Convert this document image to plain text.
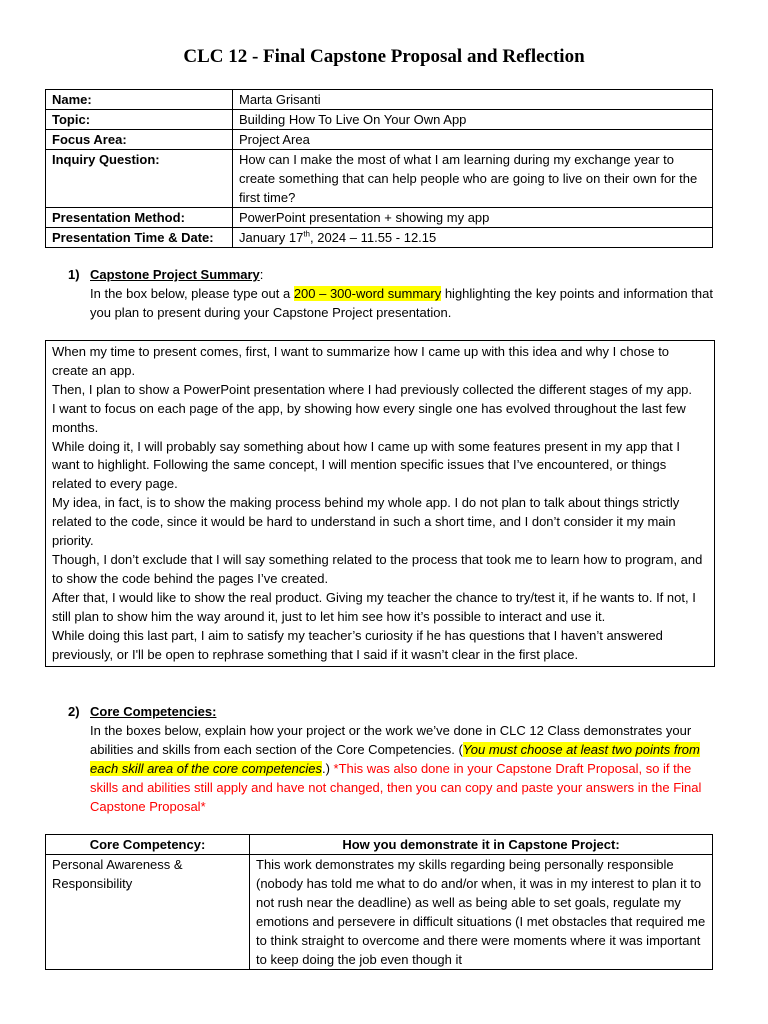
CLC 12 - Final Capstone Proposal and Reflection
Name:	Marta Grisanti
Topic:	Building How To Live On Your Own App
Focus Area:	Project Area
Inquiry Question:	How can I make the most of what I am learning during my exchange year to create something that can help people who are going to live on their own for the first time?
Presentation Method:	PowerPoint presentation + showing my app
Presentation Time & Date:	January 17th, 2024 – 11.55 - 12.15
1) Capstone Project Summary:
In the box below, please type out a 200 – 300-word summary highlighting the key points and information that you plan to present during your Capstone Project presentation.

When my time to present comes, first, I want to summarize how I came up with this idea and why I chose to create an app.

Then, I plan to show a PowerPoint presentation where I had previously collected the different stages of my app.

I want to focus on each page of the app, by showing how every single one has evolved throughout the last few months.

While doing it, I will probably say something about how I came up with some features present in my app that I want to highlight. Following the same concept, I will mention specific issues that I’ve encountered, or things related to every page.

My idea, in fact, is to show the making process behind my whole app. I do not plan to talk about things strictly related to the code, since it would be hard to understand in such a short time, and I don’t consider it my main priority.

Though, I don’t exclude that I will say something related to the process that took me to learn how to program, and to show the code behind the pages I’ve created.

After that, I would like to show the real product. Giving my teacher the chance to try/test it, if he wants to. If not, I still plan to show him the way around it, just to let him see how it’s possible to interact and use it.

While doing this last part, I aim to satisfy my teacher’s curiosity if he has questions that I haven’t answered previously, or I'll be open to rephrase something that I said if it wasn’t clear in the first place.

2) Core Competencies:
In the boxes below, explain how your project or the work we’ve done in CLC 12 Class demonstrates your abilities and skills from each section of the Core Competencies. (You must choose at least two points from each skill area of the core competencies.) *This was also done in your Capstone Draft Proposal, so if the skills and abilities still apply and have not changed, then you can copy and paste your answers in the Final Capstone Proposal*
Core Competency:	How you demonstrate it in Capstone Project:
Personal Awareness & Responsibility	This work demonstrates my skills regarding being personally responsible (nobody has told me what to do and/or when, it was in my interest to plan it to not rush near the deadline) as well as being able to set goals, regulate my emotions and persevere in difficult situations (I met obstacles that required me to think straight to overcome and there were moments where it was important to keep doing the job even though it
